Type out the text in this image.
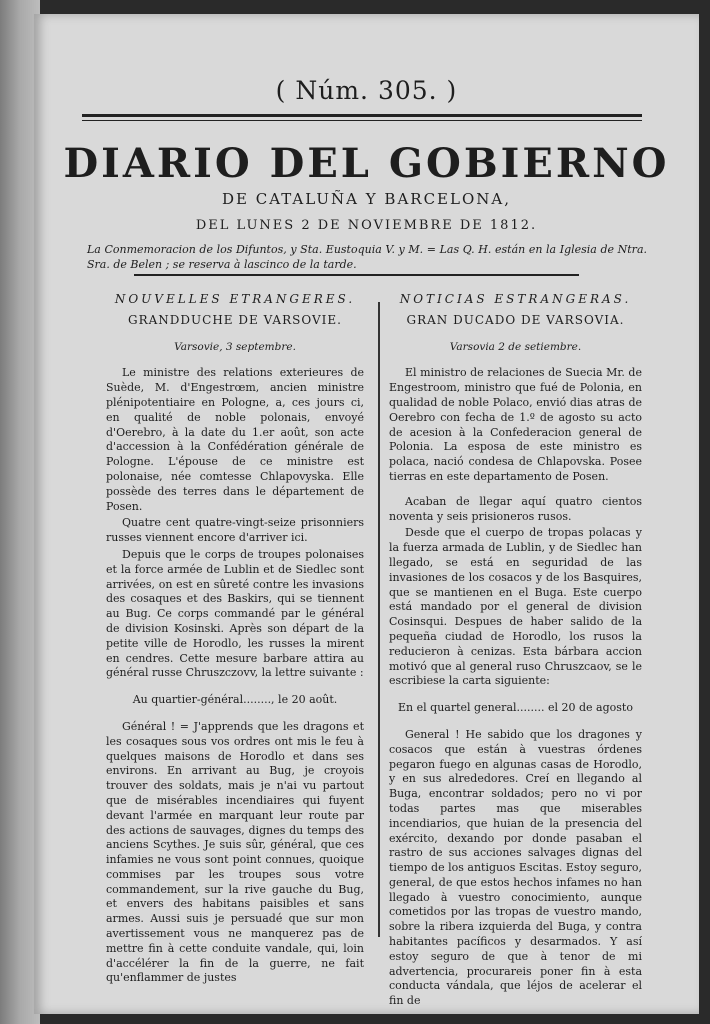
( Núm. 305. )
DIARIO DEL GOBIERNO
DE CATALUÑA Y BARCELONA,
DEL LUNES 2 DE NOVIEMBRE DE 1812.
La Conmemoracion de los Difuntos, y Sta. Eustoquia V. y M. = Las Q. H. están en la Iglesia de Ntra. Sra. de Belen ; se reserva à lascinco de la tarde.
NOUVELLES ETRANGERES.
GRANDDUCHE DE VARSOVIE.
Varsovie, 3 septembre.

Le ministre des relations exterieures de Suède, M. d'Engestrœm, ancien ministre plénipotentiaire en Pologne, a, ces jours ci, en qualité de noble polonais, envoyé d'Oerebro, à la date du 1.er août, son acte d'accession à la Confédération générale de Pologne. L'épouse de ce ministre est polonaise, née comtesse Chlapovyska. Elle possède des terres dans le département de Posen.

Quatre cent quatre-vingt-seize prisonniers russes viennent encore d'arriver ici.

Depuis que le corps de troupes polonaises et la force armée de Lublin et de Siedlec sont arrivées, on est en sûreté contre les invasions des cosaques et des Baskirs, qui se tiennent au Bug. Ce corps commandé par le général de division Kosinski. Après son départ de la petite ville de Horodlo, les russes la mirent en cendres. Cette mesure barbare attira au général russe Chruszczovv, la lettre suivante :

Au quartier-général........, le 20 août.

Général ! = J'apprends que les dragons et les cosaques sous vos ordres ont mis le feu à quelques maisons de Horodlo et dans ses environs. En arrivant au Bug, je croyois trouver des soldats, mais je n'ai vu partout que de misérables incendiaires qui fuyent devant l'armée en marquant leur route par des actions de sauvages, dignes du temps des anciens Scythes. Je suis sûr, général, que ces infamies ne vous sont point connues, quoique commises par les troupes sous votre commandement, sur la rive gauche du Bug, et envers des habitans paisibles et sans armes. Aussi suis je persuadé que sur mon avertissement vous ne manquerez pas de mettre fin à cette conduite vandale, qui, loin d'accélérer la fin de la guerre, ne fait qu'enflammer de justes

NOTICIAS ESTRANGERAS.
GRAN DUCADO DE VARSOVIA.
Varsovia 2 de setiembre.

El ministro de relaciones de Suecia Mr. de Engestroom, ministro que fué de Polonia, en qualidad de noble Polaco, envió dias atras de Oerebro con fecha de 1.º de agosto su acto de acesion à la Confederacion general de Polonia. La esposa de este ministro es polaca, nació condesa de Chlapovska. Posee tierras en este departamento de Posen.

Acaban de llegar aquí quatro cientos noventa y seis prisioneros rusos.

Desde que el cuerpo de tropas polacas y la fuerza armada de Lublin, y de Siedlec han llegado, se está en seguridad de las invasiones de los cosacos y de los Basquires, que se mantienen en el Buga. Este cuerpo está mandado por el general de division Cosinsqui. Despues de haber salido de la pequeña ciudad de Horodlo, los rusos la reducieron à cenizas. Esta bárbara accion motivó que al general ruso Chruszcaov, se le escribiese la carta siguiente:

En el quartel general........ el 20 de agosto

General ! He sabido que los dragones y cosacos que están à vuestras órdenes pegaron fuego en algunas casas de Horodlo, y en sus alrededores. Creí en llegando al Buga, encontrar soldados; pero no vi por todas partes mas que miserables incendiarios, que huian de la presencia del exército, dexando por donde pasaban el rastro de sus acciones salvages dignas del tiempo de los antiguos Escitas. Estoy seguro, general, de que estos hechos infames no han llegado à vuestro conocimiento, aunque cometidos por las tropas de vuestro mando, sobre la ribera izquierda del Buga, y contra habitantes pacíficos y desarmados. Y así estoy seguro de que à tenor de mi advertencia, procurareis poner fin à esta conducta vándala, que léjos de acelerar el fin de
